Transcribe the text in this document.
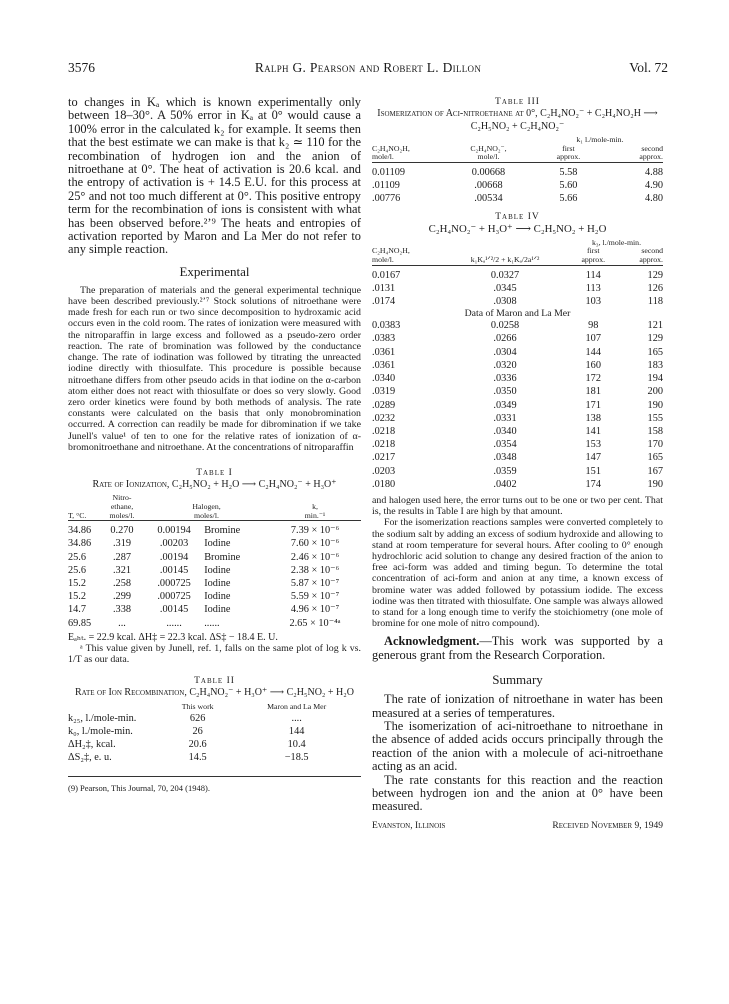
3576	Ralph G. Pearson and Robert L. Dillon	Vol. 72

to changes in Kₐ which is known experimentally only between 18–30°. A 50% error in Kₐ at 0° would cause a 100% error in the calculated k₂ for example. It seems then that the best estimate we can make is that k₂ ≃ 110 for the recombination of hydrogen ion and the anion of nitroethane at 0°. The heat of activation is 20.6 kcal. and the entropy of activation is + 14.5 E.U. for this process at 25° and not too much different at 0°. This positive entropy term for the recombination of ions is consistent with what has been observed before.²ʼ⁹ The heats and entropies of activation reported by Maron and La Mer do not refer to any simple reaction.

Experimental

The preparation of materials and the general experimental technique have been described previously.²ʼ⁷ Stock solutions of nitroethane were made fresh for each run or two since decomposition to hydroxamic acid occurs even in the cold room. The rates of ionization were measured with the nitroparaffin in large excess and followed as a pseudo-zero order reaction. The rate of bromination was followed by the conductance change. The rate of iodination was followed by titrating the unreacted iodine directly with thiosulfate. This procedure is possible because nitroethane differs from other pseudo acids in that iodine on the α-carbon atom either does not react with thiosulfate or does so very slowly. Good zero order kinetics were found by both methods of analysis. The rate constants were calculated on the basis that only monobromination occurred. A correction can readily be made for dibromination if we take Junell's value¹ of ten to one for the relative rates of ionization of α-bromonitroethane and nitroethane. At the concentrations of nitroparaffin

Table I

Rate of Ionization, C₂H₅NO₂ + H₂O ⟶ C₂H₄NO₂⁻ + H₃O⁺

T, °C.	Nitro-
ethane,
moles/l.	Halogen,
moles/l.		k,
min.⁻¹

34.86	0.270	0.00194	Bromine	7.39 × 10⁻⁶
34.86	.319	.00203	Iodine	7.60 × 10⁻⁶
25.6	.287	.00194	Bromine	2.46 × 10⁻⁶
25.6	.321	.00145	Iodine	2.38 × 10⁻⁶
15.2	.258	.000725	Iodine	5.87 × 10⁻⁷
15.2	.299	.000725	Iodine	5.59 × 10⁻⁷
14.7	.338	.00145	Iodine	4.96 × 10⁻⁷
69.85	...	......	......	2.65 × 10⁻⁴ᵃ

Eₐₕₜ. = 22.9 kcal. ΔH‡ = 22.3 kcal. ΔS‡ − 18.4 E. U.

ᵃ This value given by Junell, ref. 1, falls on the same plot of log k vs. 1/T as our data.

Table II

Rate of Ion Recombination, C₂H₄NO₂⁻ + H₃O⁺ ⟶ C₂H₅NO₂ + H₂O

	This work	Maron and La Mer
k₂₅, l./mole-min.	626	....
k₀, l./mole-min.	26	144
ΔH₂‡, kcal.	20.6	10.4
ΔS₂‡, e. u.	14.5	−18.5

(9) Pearson, This Journal, 70, 204 (1948).

Table III

Isomerization of Aci-nitroethane at 0°, C₂H₄NO₂⁻ + C₂H₄NO₂H ⟶ C₂H₅NO₂ + C₂H₄NO₂⁻

		k₁ l./mole-min.	
C₂H₄NO₂H,
mole/l.	C₂H₄NO₂⁻,
mole/l.	first
approx.	second
approx.

0.01109	0.00668	5.58	4.88
.01109	.00668	5.60	4.90
.00776	.00534	5.66	4.80

Table IV

C₂H₄NO₂⁻ + H₃O⁺ ⟶ C₂H₅NO₂ + H₂O

		k₃, l./mole-min.	
C₂H₄NO₂H,
mole/l.	k₁Kₐ¹ᐟ²/2 + k₁Kₐ/2a¹ᐟ²	first
approx.	second
approx.

0.0167	0.0327	114	129
.0131	.0345	113	126
.0174	.0308	103	118
Data of Maron and La Mer			
0.0383	0.0258	98	121
.0383	.0266	107	129
.0361	.0304	144	165
.0361	.0320	160	183
.0340	.0336	172	194
.0319	.0350	181	200
.0289	.0349	171	190
.0232	.0331	138	155
.0218	.0340	141	158
.0218	.0354	153	170
.0217	.0348	147	165
.0203	.0359	151	167
.0180	.0402	174	190

and halogen used here, the error turns out to be one or two per cent. That is, the results in Table I are high by that amount.

For the isomerization reactions samples were converted completely to the sodium salt by adding an excess of sodium hydroxide and allowing to stand at room temperature for several hours. After cooling to 0° enough hydrochloric acid solution to change any desired fraction of the anion to free aci-form was added and timing begun. To determine the total concentration of aci-form and anion at any time, a known excess of bromine water was added followed by potassium iodide. The excess iodine was then titrated with thiosulfate. One sample was always allowed to stand for a long enough time to verify the stoichiometry (one mole of bromine for one mole of nitro compound).

Acknowledgment.—This work was supported by a generous grant from the Research Corporation.

Summary

The rate of ionization of nitroethane in water has been measured at a series of temperatures.

The isomerization of aci-nitroethane to nitroethane in the absence of added acids occurs principally through the reaction of the anion with a molecule of aci-nitroethane acting as an acid.

The rate constants for this reaction and the reaction between hydrogen ion and the anion at 0° have been measured.

Evanston, Illinois	Received November 9, 1949
